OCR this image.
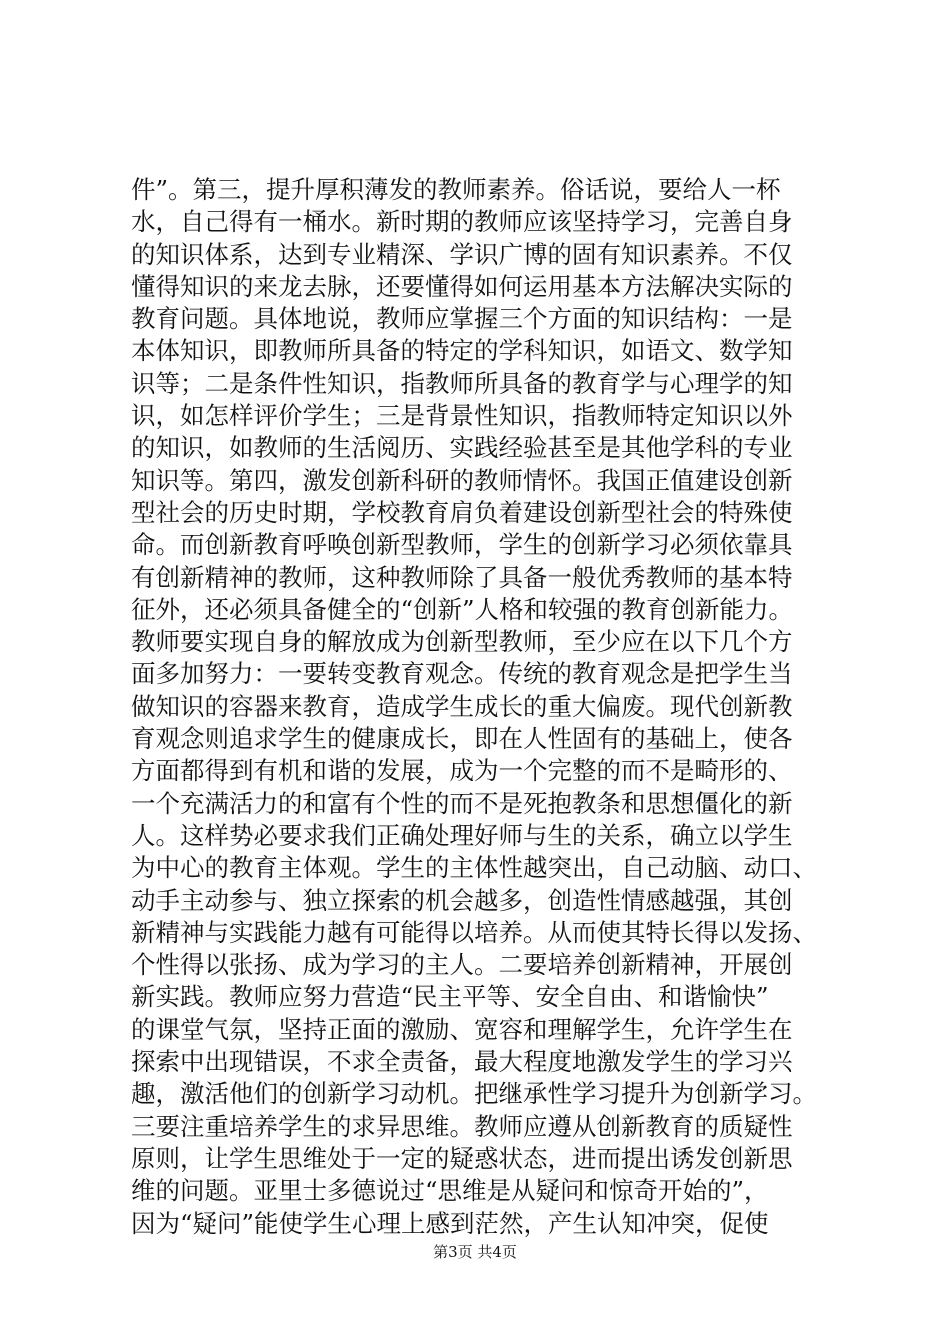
件”。第三，提升厚积薄发的教师素养。俗话说，要给人一杯
水，自己得有一桶水。新时期的教师应该坚持学习，完善自身
的知识体系，达到专业精深、学识广博的固有知识素养。不仅
懂得知识的来龙去脉，还要懂得如何运用基本方法解决实际的
教育问题。具体地说，教师应掌握三个方面的知识结构：一是
本体知识，即教师所具备的特定的学科知识，如语文、数学知
识等；二是条件性知识，指教师所具备的教育学与心理学的知
识，如怎样评价学生；三是背景性知识，指教师特定知识以外
的知识，如教师的生活阅历、实践经验甚至是其他学科的专业
知识等。第四，激发创新科研的教师情怀。我国正值建设创新
型社会的历史时期，学校教育肩负着建设创新型社会的特殊使
命。而创新教育呼唤创新型教师，学生的创新学习必须依靠具
有创新精神的教师，这种教师除了具备一般优秀教师的基本特
征外，还必须具备健全的“创新”人格和较强的教育创新能力。
教师要实现自身的解放成为创新型教师，至少应在以下几个方
面多加努力：一要转变教育观念。传统的教育观念是把学生当
做知识的容器来教育，造成学生成长的重大偏废。现代创新教
育观念则追求学生的健康成长，即在人性固有的基础上，使各
方面都得到有机和谐的发展，成为一个完整的而不是畸形的、
一个充满活力的和富有个性的而不是死抱教条和思想僵化的新
人。这样势必要求我们正确处理好师与生的关系，确立以学生
为中心的教育主体观。学生的主体性越突出，自己动脑、动口、
动手主动参与、独立探索的机会越多，创造性情感越强，其创
新精神与实践能力越有可能得以培养。从而使其特长得以发扬、
个性得以张扬、成为学习的主人。二要培养创新精神，开展创
新实践。教师应努力营造“民主平等、安全自由、和谐愉快”
的课堂气氛，坚持正面的激励、宽容和理解学生，允许学生在
探索中出现错误，不求全责备，最大程度地激发学生的学习兴
趣，激活他们的创新学习动机。把继承性学习提升为创新学习。
三要注重培养学生的求异思维。教师应遵从创新教育的质疑性
原则，让学生思维处于一定的疑惑状态，进而提出诱发创新思
维的问题。亚里士多德说过“思维是从疑问和惊奇开始的”，
因为“疑问”能使学生心理上感到茫然，产生认知冲突，促使
第3页 共4页
